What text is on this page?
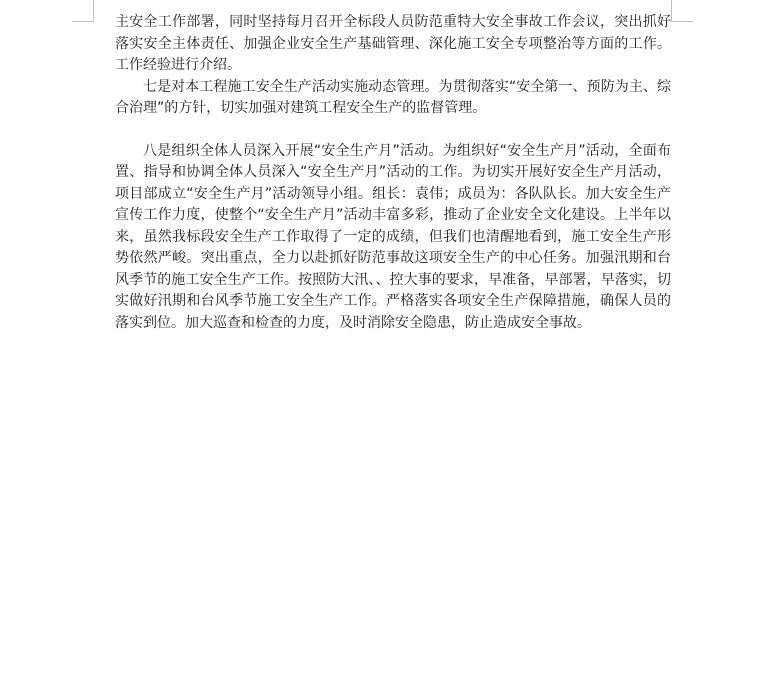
主安全工作部署，同时坚持每月召开全标段人员防范重特大安全事故工作会议，突出抓好落实安全主体责任、加强企业安全生产基础管理、深化施工安全专项整治等方面的工作。工作经验进行介绍。

七是对本工程施工安全生产活动实施动态管理。为贯彻落实“安全第一、预防为主、综合治理”的方针，切实加强对建筑工程安全生产的监督管理。

八是组织全体人员深入开展“安全生产月”活动。为组织好“安全生产月”活动，全面布置、指导和协调全体人员深入“安全生产月”活动的工作。为切实开展好安全生产月活动，项目部成立“安全生产月”活动领导小组。组长：袁伟；成员为：各队队长。加大安全生产宣传工作力度，使整个“安全生产月”活动丰富多彩，推动了企业安全文化建设。上半年以来，虽然我标段安全生产工作取得了一定的成绩，但我们也清醒地看到，施工安全生产形势依然严峻。突出重点，全力以赴抓好防范事故这项安全生产的中心任务。加强汛期和台风季节的施工安全生产工作。按照防大汛、、控大事的要求，早准备，早部署，早落实，切实做好汛期和台风季节施工安全生产工作。严格落实各项安全生产保障措施，确保人员的落实到位。加大巡查和检查的力度，及时消除安全隐患，防止造成安全事故。
